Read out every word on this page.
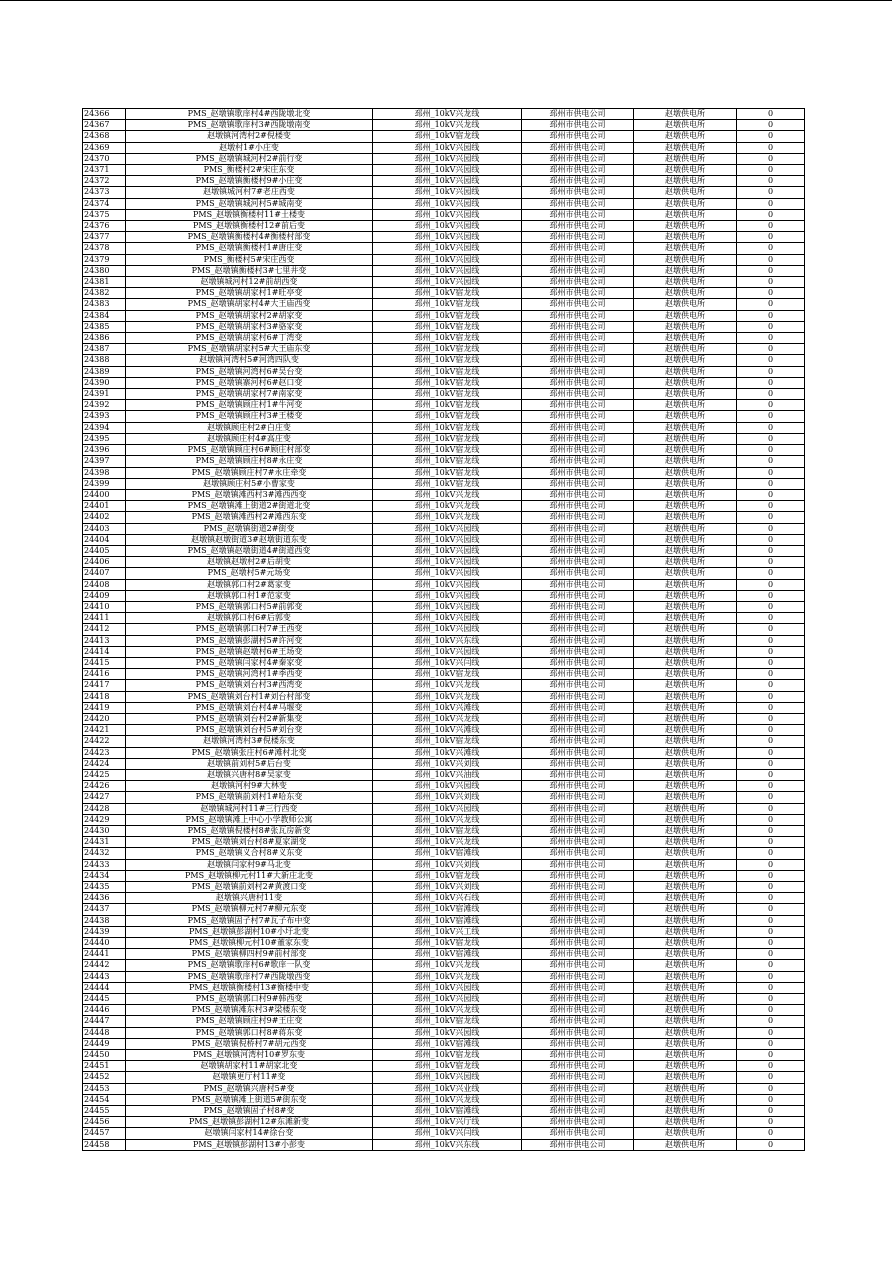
24366	PMS_赵墩镇歌庠村4#西陇墩北变	邳州_10kV兴龙线	邳州市供电公司	赵墩供电所	0
24367	PMS_赵墩镇歌庠村3#西陇墩南变	邳州_10kV兴龙线	邳州市供电公司	赵墩供电所	0
24368	赵墩镇河湾村2#倪楼变	邳州_10kV宿龙线	邳州市供电公司	赵墩供电所	0
24369	赵墩村1#小庄变	邳州_10kV兴园线	邳州市供电公司	赵墩供电所	0
24370	PMS_赵墩镇城河村2#前行变	邳州_10kV兴园线	邳州市供电公司	赵墩供电所	0
24371	PMS_衡楼村2#宋庄东变	邳州_10kV兴园线	邳州市供电公司	赵墩供电所	0
24372	PMS_赵墩镇衡楼村9#小庄变	邳州_10kV兴园线	邳州市供电公司	赵墩供电所	0
24373	赵墩镇城河村7#老庄西变	邳州_10kV兴园线	邳州市供电公司	赵墩供电所	0
24374	PMS_赵墩镇城河村5#城南变	邳州_10kV兴园线	邳州市供电公司	赵墩供电所	0
24375	PMS_赵墩镇衡楼村11#土楼变	邳州_10kV兴园线	邳州市供电公司	赵墩供电所	0
24376	PMS_赵墩镇衡楼村12#前后变	邳州_10kV兴园线	邳州市供电公司	赵墩供电所	0
24377	PMS_赵墩镇衡楼村4#衡楼村部变	邳州_10kV兴园线	邳州市供电公司	赵墩供电所	0
24378	PMS_赵墩镇衡楼村1#唐庄变	邳州_10kV兴园线	邳州市供电公司	赵墩供电所	0
24379	PMS_衡楼村5#宋庄西变	邳州_10kV兴园线	邳州市供电公司	赵墩供电所	0
24380	PMS_赵墩镇衡楼村3#七里井变	邳州_10kV兴园线	邳州市供电公司	赵墩供电所	0
24381	赵墩镇城河村12#前胡西变	邳州_10kV兴园线	邳州市供电公司	赵墩供电所	0
24382	PMS_赵墩镇胡家村1#旺亭变	邳州_10kV宿龙线	邳州市供电公司	赵墩供电所	0
24383	PMS_赵墩镇胡家村4#大王庙西变	邳州_10kV宿龙线	邳州市供电公司	赵墩供电所	0
24384	PMS_赵墩镇胡家村2#胡家变	邳州_10kV宿龙线	邳州市供电公司	赵墩供电所	0
24385	PMS_赵墩镇胡家村3#骆家变	邳州_10kV宿龙线	邳州市供电公司	赵墩供电所	0
24386	PMS_赵墩镇胡家村6#丁湾变	邳州_10kV宿龙线	邳州市供电公司	赵墩供电所	0
24387	PMS_赵墩镇胡家村5#大王庙东变	邳州_10kV宿龙线	邳州市供电公司	赵墩供电所	0
24388	赵墩镇河湾村5#河湾四队变	邳州_10kV宿龙线	邳州市供电公司	赵墩供电所	0
24389	PMS_赵墩镇河湾村6#吴台变	邳州_10kV宿龙线	邳州市供电公司	赵墩供电所	0
24390	PMS_赵墩镇寨河村6#赵口变	邳州_10kV宿龙线	邳州市供电公司	赵墩供电所	0
24391	PMS_赵墩镇胡家村7#南家变	邳州_10kV宿龙线	邳州市供电公司	赵墩供电所	0
24392	PMS_赵墩镇顾庄村1#牛河变	邳州_10kV宿龙线	邳州市供电公司	赵墩供电所	0
24393	PMS_赵墩镇顾庄村3#王楼变	邳州_10kV宿龙线	邳州市供电公司	赵墩供电所	0
24394	赵墩镇顾庄村2#白庄变	邳州_10kV宿龙线	邳州市供电公司	赵墩供电所	0
24395	赵墩镇顾庄村4#高庄变	邳州_10kV宿龙线	邳州市供电公司	赵墩供电所	0
24396	PMS_赵墩镇顾庄村6#顾庄村部变	邳州_10kV宿龙线	邳州市供电公司	赵墩供电所	0
24397	PMS_赵墩镇顾庄村8#永庄变	邳州_10kV宿龙线	邳州市供电公司	赵墩供电所	0
24398	PMS_赵墩镇顾庄村7#永庄牵变	邳州_10kV宿龙线	邳州市供电公司	赵墩供电所	0
24399	赵墩镇顾庄村5#小曹家变	邳州_10kV宿龙线	邳州市供电公司	赵墩供电所	0
24400	PMS_赵墩镇滩西村3#滩西西变	邳州_10kV兴龙线	邳州市供电公司	赵墩供电所	0
24401	PMS_赵墩镇滩上街道2#街道北变	邳州_10kV兴龙线	邳州市供电公司	赵墩供电所	0
24402	PMS_赵墩镇滩西村2#滩西东变	邳州_10kV兴龙线	邳州市供电公司	赵墩供电所	0
24403	PMS_赵墩镇街道2#街变	邳州_10kV兴园线	邳州市供电公司	赵墩供电所	0
24404	赵墩镇赵墩街道3#赵墩街道东变	邳州_10kV兴园线	邳州市供电公司	赵墩供电所	0
24405	PMS_赵墩镇赵墩街道4#街道西变	邳州_10kV兴园线	邳州市供电公司	赵墩供电所	0
24406	赵墩镇赵墩村2#后胡变	邳州_10kV兴园线	邳州市供电公司	赵墩供电所	0
24407	PMS_赵墩村5#元场变	邳州_10kV兴园线	邳州市供电公司	赵墩供电所	0
24408	赵墩镇郭口村2#葛家变	邳州_10kV兴园线	邳州市供电公司	赵墩供电所	0
24409	赵墩镇郭口村1#范家变	邳州_10kV兴园线	邳州市供电公司	赵墩供电所	0
24410	PMS_赵墩镇郭口村5#前郭变	邳州_10kV兴园线	邳州市供电公司	赵墩供电所	0
24411	赵墩镇郭口村6#后郭变	邳州_10kV兴园线	邳州市供电公司	赵墩供电所	0
24412	PMS_赵墩镇郭口村7#王西变	邳州_10kV兴园线	邳州市供电公司	赵墩供电所	0
24413	PMS_赵墩镇彭湖村5#许河变	邳州_10kV兴东线	邳州市供电公司	赵墩供电所	0
24414	PMS_赵墩镇赵墩村6#王场变	邳州_10kV兴园线	邳州市供电公司	赵墩供电所	0
24415	PMS_赵墩镇闫家村4#秦家变	邳州_10kV兴闫线	邳州市供电公司	赵墩供电所	0
24416	PMS_赵墩镇河湾村1#季西变	邳州_10kV宿龙线	邳州市供电公司	赵墩供电所	0
24417	PMS_赵墩镇刘台村3#西湾变	邳州_10kV兴龙线	邳州市供电公司	赵墩供电所	0
24418	PMS_赵墩镇刘台村1#刘台村部变	邳州_10kV兴龙线	邳州市供电公司	赵墩供电所	0
24419	PMS_赵墩镇刘台村4#马堰变	邳州_10kV兴滩线	邳州市供电公司	赵墩供电所	0
24420	PMS_赵墩镇刘台村2#新集变	邳州_10kV兴龙线	邳州市供电公司	赵墩供电所	0
24421	PMS_赵墩镇刘台村5#刘台变	邳州_10kV兴滩线	邳州市供电公司	赵墩供电所	0
24422	赵墩镇河湾村3#倪楼东变	邳州_10kV宿龙线	邳州市供电公司	赵墩供电所	0
24423	PMS_赵墩镇张庄村6#滩村北变	邳州_10kV兴滩线	邳州市供电公司	赵墩供电所	0
24424	赵墩镇前刘村5#后台变	邳州_10kV兴刘线	邳州市供电公司	赵墩供电所	0
24425	赵墩镇兴唐村8#吴家变	邳州_10kV兴油线	邳州市供电公司	赵墩供电所	0
24426	赵墩镇河村9#大林变	邳州_10kV兴园线	邳州市供电公司	赵墩供电所	0
24427	PMS_赵墩镇前刘村1#哈东变	邳州_10kV兴刘线	邳州市供电公司	赵墩供电所	0
24428	赵墩镇城河村11#三行西变	邳州_10kV兴园线	邳州市供电公司	赵墩供电所	0
24429	PMS_赵墩镇滩上中心小学教师公寓	邳州_10kV兴龙线	邳州市供电公司	赵墩供电所	0
24430	PMS_赵墩镇倪楼村8#张瓦房新变	邳州_10kV宿龙线	邳州市供电公司	赵墩供电所	0
24431	PMS_赵墩镇刘台村8#夏家湖变	邳州_10kV兴龙线	邳州市供电公司	赵墩供电所	0
24432	PMS_赵墩镇义合村8#义东变	邳州_10kV宿滩线	邳州市供电公司	赵墩供电所	0
24433	赵墩镇闫家村9#马北变	邳州_10kV兴刘线	邳州市供电公司	赵墩供电所	0
24434	PMS_赵墩镇柳元村11#大新庄北变	邳州_10kV宿龙线	邳州市供电公司	赵墩供电所	0
24435	PMS_赵墩镇前刘村2#黄渡口变	邳州_10kV兴刘线	邳州市供电公司	赵墩供电所	0
24436	赵墩镇兴唐村11变	邳州_10kV兴石线	邳州市供电公司	赵墩供电所	0
24437	PMS_赵墩镇柳元村7#柳元东变	邳州_10kV宿滩线	邳州市供电公司	赵墩供电所	0
24438	PMS_赵墩镇固子村7#瓦子布中变	邳州_10kV宿滩线	邳州市供电公司	赵墩供电所	0
24439	PMS_赵墩镇彭湖村10#小圩北变	邳州_10kV兴工线	邳州市供电公司	赵墩供电所	0
24440	PMS_赵墩镇柳元村10#董家东变	邳州_10kV宿龙线	邳州市供电公司	赵墩供电所	0
24441	PMS_赵墩镇柳四村9#前村部变	邳州_10kV宿滩线	邳州市供电公司	赵墩供电所	0
24442	PMS_赵墩镇歌庠村6#歌庠一队变	邳州_10kV兴龙线	邳州市供电公司	赵墩供电所	0
24443	PMS_赵墩镇歌庠村7#西陇墩西变	邳州_10kV兴龙线	邳州市供电公司	赵墩供电所	0
24444	PMS_赵墩镇衡楼村13#衡楼中变	邳州_10kV兴园线	邳州市供电公司	赵墩供电所	0
24445	PMS_赵墩镇郭口村9#韩西变	邳州_10kV兴园线	邳州市供电公司	赵墩供电所	0
24446	PMS_赵墩镇滩东村3#梁楼东变	邳州_10kV兴龙线	邳州市供电公司	赵墩供电所	0
24447	PMS_赵墩镇顾庄村9#王庄变	邳州_10kV宿龙线	邳州市供电公司	赵墩供电所	0
24448	PMS_赵墩镇郭口村8#蒋东变	邳州_10kV兴园线	邳州市供电公司	赵墩供电所	0
24449	PMS_赵墩镇倪桥村7#胡元西变	邳州_10kV宿滩线	邳州市供电公司	赵墩供电所	0
24450	PMS_赵墩镇河湾村10#罗东变	邳州_10kV宿龙线	邳州市供电公司	赵墩供电所	0
24451	赵墩镇胡家村11#胡家北变	邳州_10kV宿龙线	邳州市供电公司	赵墩供电所	0
24452	赵墩镇更厅村11#变	邳州_10kV兴园线	邳州市供电公司	赵墩供电所	0
24453	PMS_赵墩镇兴唐村5#变	邳州_10kV兴业线	邳州市供电公司	赵墩供电所	0
24454	PMS_赵墩镇滩上街道5#街东变	邳州_10kV兴龙线	邳州市供电公司	赵墩供电所	0
24455	PMS_赵墩镇固子村8#变	邳州_10kV宿滩线	邳州市供电公司	赵墩供电所	0
24456	PMS_赵墩镇彭湖村12#东滩新变	邳州_10kV兴厅线	邳州市供电公司	赵墩供电所	0
24457	赵墩镇闫家村14#徐台变	邳州_10kV兴闫线	邳州市供电公司	赵墩供电所	0
24458	PMS_赵墩镇彭湖村13#小彭变	邳州_10kV兴东线	邳州市供电公司	赵墩供电所	0
